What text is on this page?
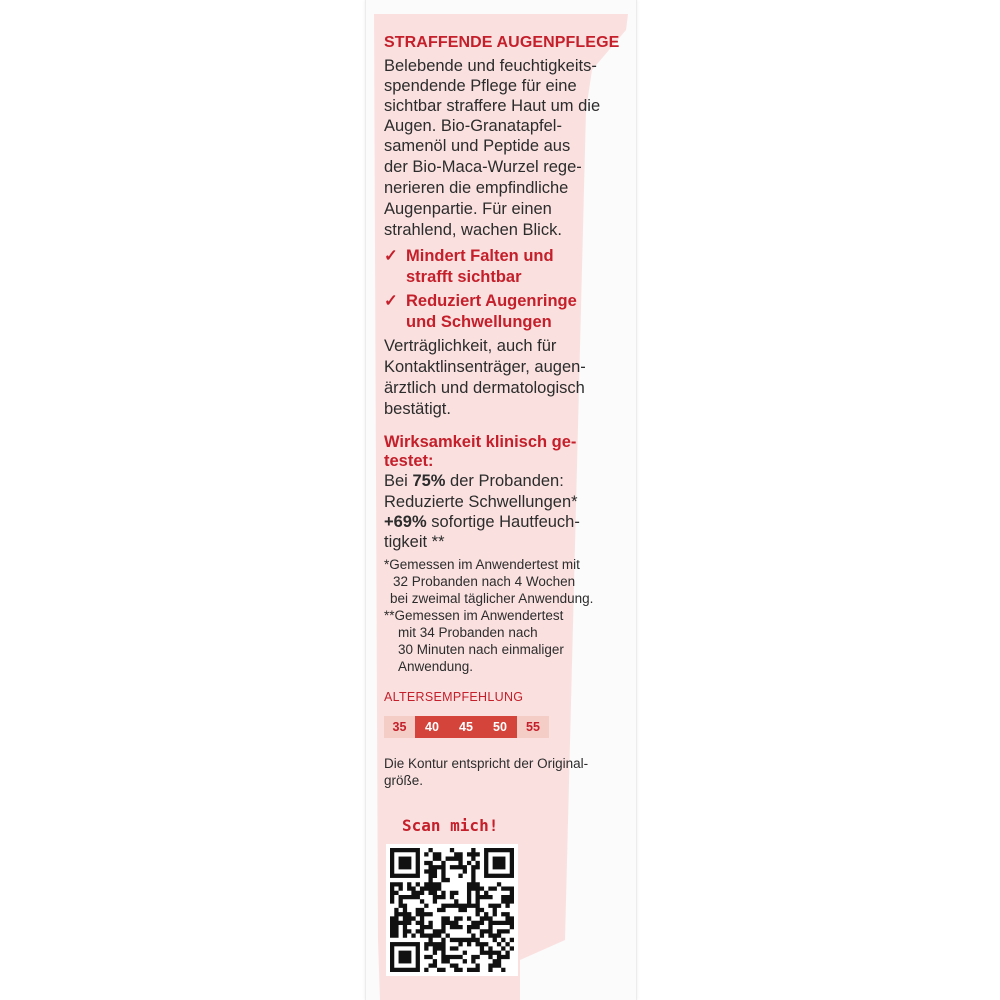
STRAFFENDE AUGENPFLEGE
Belebende und feuchtigkeits-
spendende Pflege für eine
sichtbar straffere Haut um die
Augen. Bio-Granatapfel-
samenöl und Peptide aus
der Bio-Maca-Wurzel rege-
nerieren die empfindliche
Augenpartie. Für einen
strahlend, wachen Blick.
✓ Mindert Falten und
strafft sichtbar
✓ Reduziert Augenringe
und Schwellungen
Verträglichkeit, auch für
Kontaktlinsenträger, augen-
ärztlich und dermatologisch
bestätigt.
Wirksamkeit klinisch ge-
testet:
Bei 75% der Probanden:
Reduzierte Schwellungen*
+69% sofortige Hautfeuch-
tigkeit **
*Gemessen im Anwendertest mit
32 Probanden nach 4 Wochen
bei zweimal täglicher Anwendung.
**Gemessen im Anwendertest
mit 34 Probanden nach
30 Minuten nach einmaliger
Anwendung.
ALTERSEMPFEHLUNG
35	40	45	50	55
Die Kontur entspricht der Original-
größe.
Scan mich!
